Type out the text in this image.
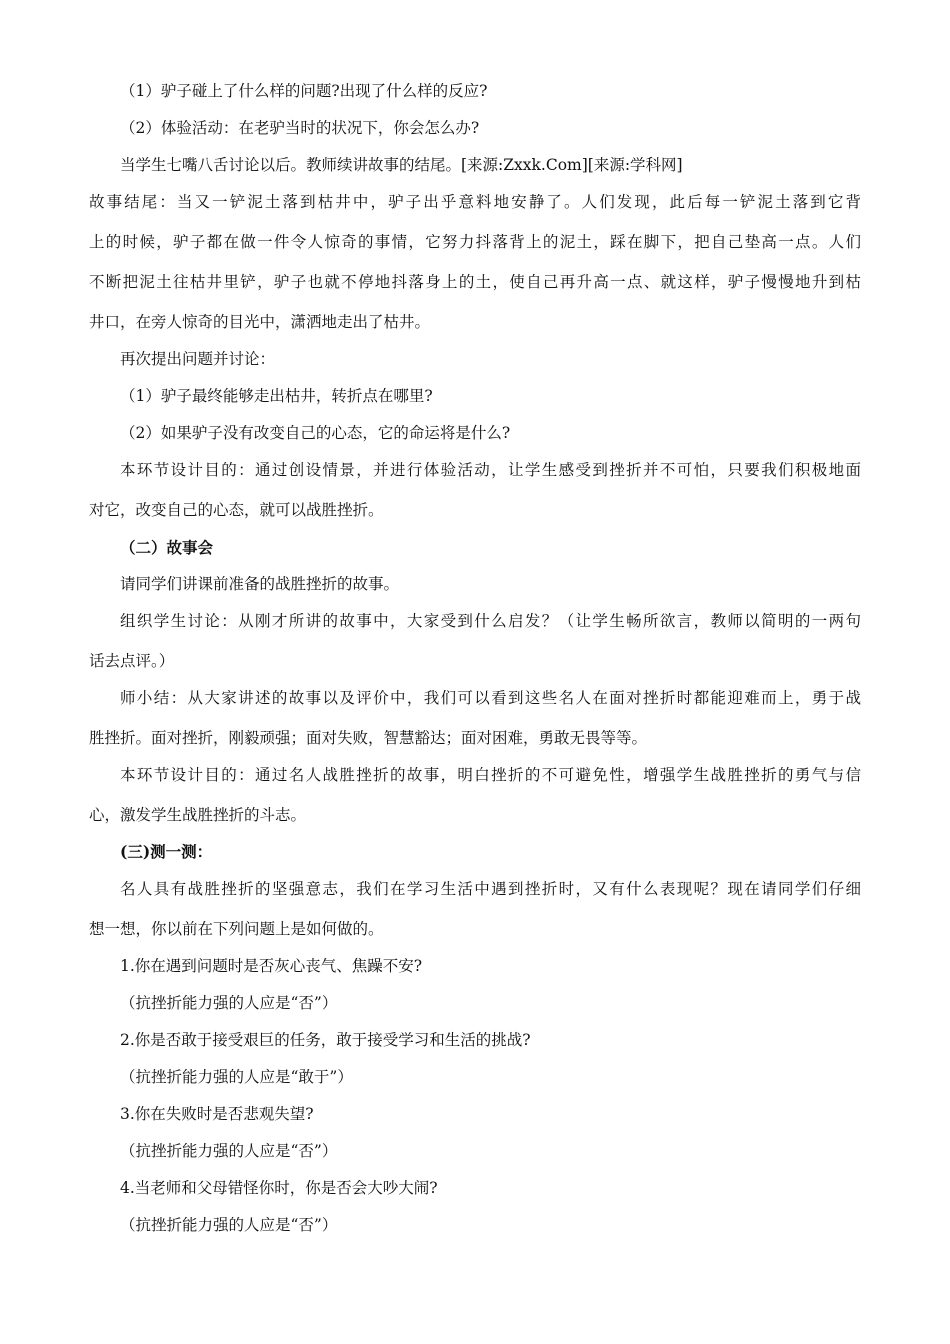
（1）驴子碰上了什么样的问题?出现了什么样的反应?
（2）体验活动：在老驴当时的状况下，你会怎么办?
当学生七嘴八舌讨论以后。教师续讲故事的结尾。[来源:Zxxk.Com][来源:学科网]
故事结尾：当又一铲泥土落到枯井中，驴子出乎意料地安静了。人们发现，此后每一铲泥土落到它背
上的时候，驴子都在做一件令人惊奇的事情，它努力抖落背上的泥土，踩在脚下，把自己垫高一点。人们
不断把泥土往枯井里铲，驴子也就不停地抖落身上的土，使自己再升高一点、就这样，驴子慢慢地升到枯
井口，在旁人惊奇的目光中，潇洒地走出了枯井。
再次提出问题并讨论：
（1）驴子最终能够走出枯井，转折点在哪里?
（2）如果驴子没有改变自己的心态，它的命运将是什么?
本环节设计目的：通过创设情景，并进行体验活动，让学生感受到挫折并不可怕，只要我们积极地面
对它，改变自己的心态，就可以战胜挫折。
（二）故事会
请同学们讲课前准备的战胜挫折的故事。
组织学生讨论：从刚才所讲的故事中，大家受到什么启发？（让学生畅所欲言，教师以简明的一两句
话去点评。）
师小结：从大家讲述的故事以及评价中，我们可以看到这些名人在面对挫折时都能迎难而上，勇于战
胜挫折。面对挫折，刚毅顽强；面对失败，智慧豁达；面对困难，勇敢无畏等等。
本环节设计目的：通过名人战胜挫折的故事，明白挫折的不可避免性，增强学生战胜挫折的勇气与信
心，激发学生战胜挫折的斗志。
(三)测一测：
名人具有战胜挫折的坚强意志，我们在学习生活中遇到挫折时，又有什么表现呢？现在请同学们仔细
想一想，你以前在下列问题上是如何做的。
1.你在遇到问题时是否灰心丧气、焦躁不安?
（抗挫折能力强的人应是“否”）
2.你是否敢于接受艰巨的任务，敢于接受学习和生活的挑战?
（抗挫折能力强的人应是“敢于”）
3.你在失败时是否悲观失望?
（抗挫折能力强的人应是“否”）
4.当老师和父母错怪你时，你是否会大吵大闹?
（抗挫折能力强的人应是“否”）
